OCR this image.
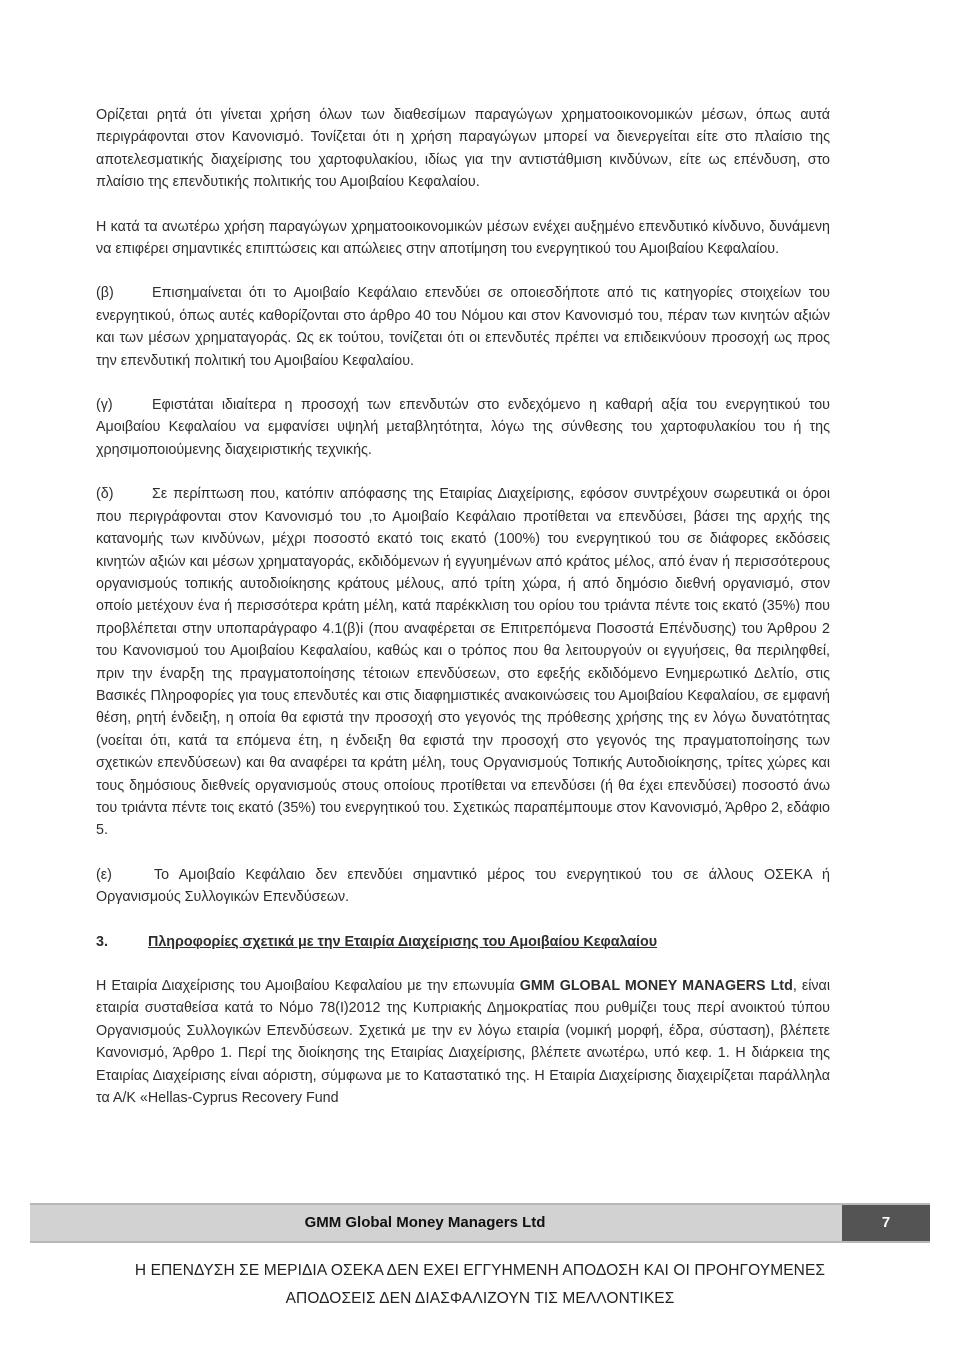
Ορίζεται ρητά ότι γίνεται χρήση όλων των διαθεσίμων παραγώγων χρηματοοικονομικών μέσων, όπως αυτά περιγράφονται στον Κανονισμό. Τονίζεται ότι η χρήση παραγώγων μπορεί να διενεργείται είτε στο πλαίσιο της αποτελεσματικής διαχείρισης του χαρτοφυλακίου, ιδίως για την αντιστάθμιση κινδύνων, είτε ως επένδυση, στο πλαίσιο της επενδυτικής πολιτικής του Αμοιβαίου Κεφαλαίου.

Η κατά τα ανωτέρω χρήση παραγώγων χρηματοοικονομικών μέσων ενέχει αυξημένο επενδυτικό κίνδυνο, δυνάμενη να επιφέρει σημαντικές επιπτώσεις και απώλειες στην αποτίμηση του ενεργητικού του Αμοιβαίου Κεφαλαίου.

(β)	Επισημαίνεται ότι το Αμοιβαίο Κεφάλαιο επενδύει σε οποιεσδήποτε από τις κατηγορίες στοιχείων του ενεργητικού, όπως αυτές καθορίζονται στο άρθρο 40 του Νόμου και στον Κανονισμό του, πέραν των κινητών αξιών και των μέσων χρηματαγοράς. Ως εκ τούτου, τονίζεται ότι οι επενδυτές πρέπει να επιδεικνύουν προσοχή ως προς την επενδυτική πολιτική του Αμοιβαίου Κεφαλαίου.

(γ)	Εφιστάται ιδιαίτερα η προσοχή των επενδυτών στο ενδεχόμενο η καθαρή αξία του ενεργητικού του Αμοιβαίου Κεφαλαίου να εμφανίσει υψηλή μεταβλητότητα, λόγω της σύνθεσης του χαρτοφυλακίου του ή της χρησιμοποιούμενης διαχειριστικής τεχνικής.

(δ)	Σε περίπτωση που, κατόπιν απόφασης της Εταιρίας Διαχείρισης, εφόσον συντρέχουν σωρευτικά οι όροι που περιγράφονται στον Κανονισμό του ,το Αμοιβαίο Κεφάλαιο προτίθεται να επενδύσει, βάσει της αρχής της κατανομής των κινδύνων, μέχρι ποσοστό εκατό τοις εκατό (100%) του ενεργητικού του σε διάφορες εκδόσεις κινητών αξιών και μέσων χρηματαγοράς, εκδιδόμενων ή εγγυημένων από κράτος μέλος, από έναν ή περισσότερους οργανισμούς τοπικής αυτοδιοίκησης κράτους μέλους, από τρίτη χώρα, ή από δημόσιο διεθνή οργανισμό, στον οποίο μετέχουν ένα ή περισσότερα κράτη μέλη, κατά παρέκκλιση του ορίου του τριάντα πέντε τοις εκατό (35%) που προβλέπεται στην υποπαράγραφο 4.1(β)i (που αναφέρεται σε Επιτρεπόμενα Ποσοστά Επένδυσης) του Άρθρου 2 του Κανονισμού του Αμοιβαίου Κεφαλαίου, καθώς και ο τρόπος που θα λειτουργούν οι εγγυήσεις, θα περιληφθεί, πριν την έναρξη της πραγματοποίησης τέτοιων επενδύσεων, στο εφεξής εκδιδόμενο Ενημερωτικό Δελτίο, στις Βασικές Πληροφορίες για τους επενδυτές και στις διαφημιστικές ανακοινώσεις του Αμοιβαίου Κεφαλαίου, σε εμφανή θέση, ρητή ένδειξη, η οποία θα εφιστά την προσοχή στο γεγονός της πρόθεσης χρήσης της εν λόγω δυνατότητας (νοείται ότι, κατά τα επόμενα έτη, η ένδειξη θα εφιστά την προσοχή στο γεγονός της πραγματοποίησης των σχετικών επενδύσεων) και θα αναφέρει τα κράτη μέλη, τους Οργανισμούς Τοπικής Αυτοδιοίκησης, τρίτες χώρες και τους δημόσιους διεθνείς οργανισμούς στους οποίους προτίθεται να επενδύσει (ή θα έχει επενδύσει) ποσοστό άνω του τριάντα πέντε τοις εκατό (35%) του ενεργητικού του. Σχετικώς παραπέμπουμε στον Κανονισμό, Άρθρο 2, εδάφιο 5.

(ε)	Το Αμοιβαίο Κεφάλαιο δεν επενδύει σημαντικό μέρος του ενεργητικού του σε άλλους ΟΣΕΚΑ ή Οργανισμούς Συλλογικών Επενδύσεων.

3.	Πληροφορίες σχετικά με την Εταιρία Διαχείρισης του Αμοιβαίου Κεφαλαίου

Η Εταιρία Διαχείρισης του Αμοιβαίου Κεφαλαίου με την επωνυμία GMM GLOBAL MONEY MANAGERS Ltd, είναι εταιρία συσταθείσα κατά το Νόμο 78(I)2012 της Κυπριακής Δημοκρατίας που ρυθμίζει τους περί ανοικτού τύπου Οργανισμούς Συλλογικών Επενδύσεων. Σχετικά με την εν λόγω εταιρία (νομική μορφή, έδρα, σύσταση), βλέπετε Κανονισμό, Άρθρο 1. Περί της διοίκησης της Εταιρίας Διαχείρισης, βλέπετε ανωτέρω, υπό κεφ. 1. Η διάρκεια της Εταιρίας Διαχείρισης είναι αόριστη, σύμφωνα με το Καταστατικό της. Η Εταιρία Διαχείρισης διαχειρίζεται παράλληλα τα Α/Κ «Hellas-Cyprus Recovery Fund

GMM Global Money Managers Ltd	7
Η ΕΠΕΝΔΥΣΗ ΣΕ ΜΕΡΙΔΙΑ ΟΣΕΚΑ ΔΕΝ ΕΧΕΙ ΕΓΓΥΗΜΕΝΗ ΑΠΟΔΟΣΗ ΚΑΙ ΟΙ ΠΡΟΗΓΟΥΜΕΝΕΣ
ΑΠΟΔΟΣΕΙΣ ΔΕΝ ΔΙΑΣΦΑΛΙΖΟΥΝ ΤΙΣ ΜΕΛΛΟΝΤΙΚΕΣ
